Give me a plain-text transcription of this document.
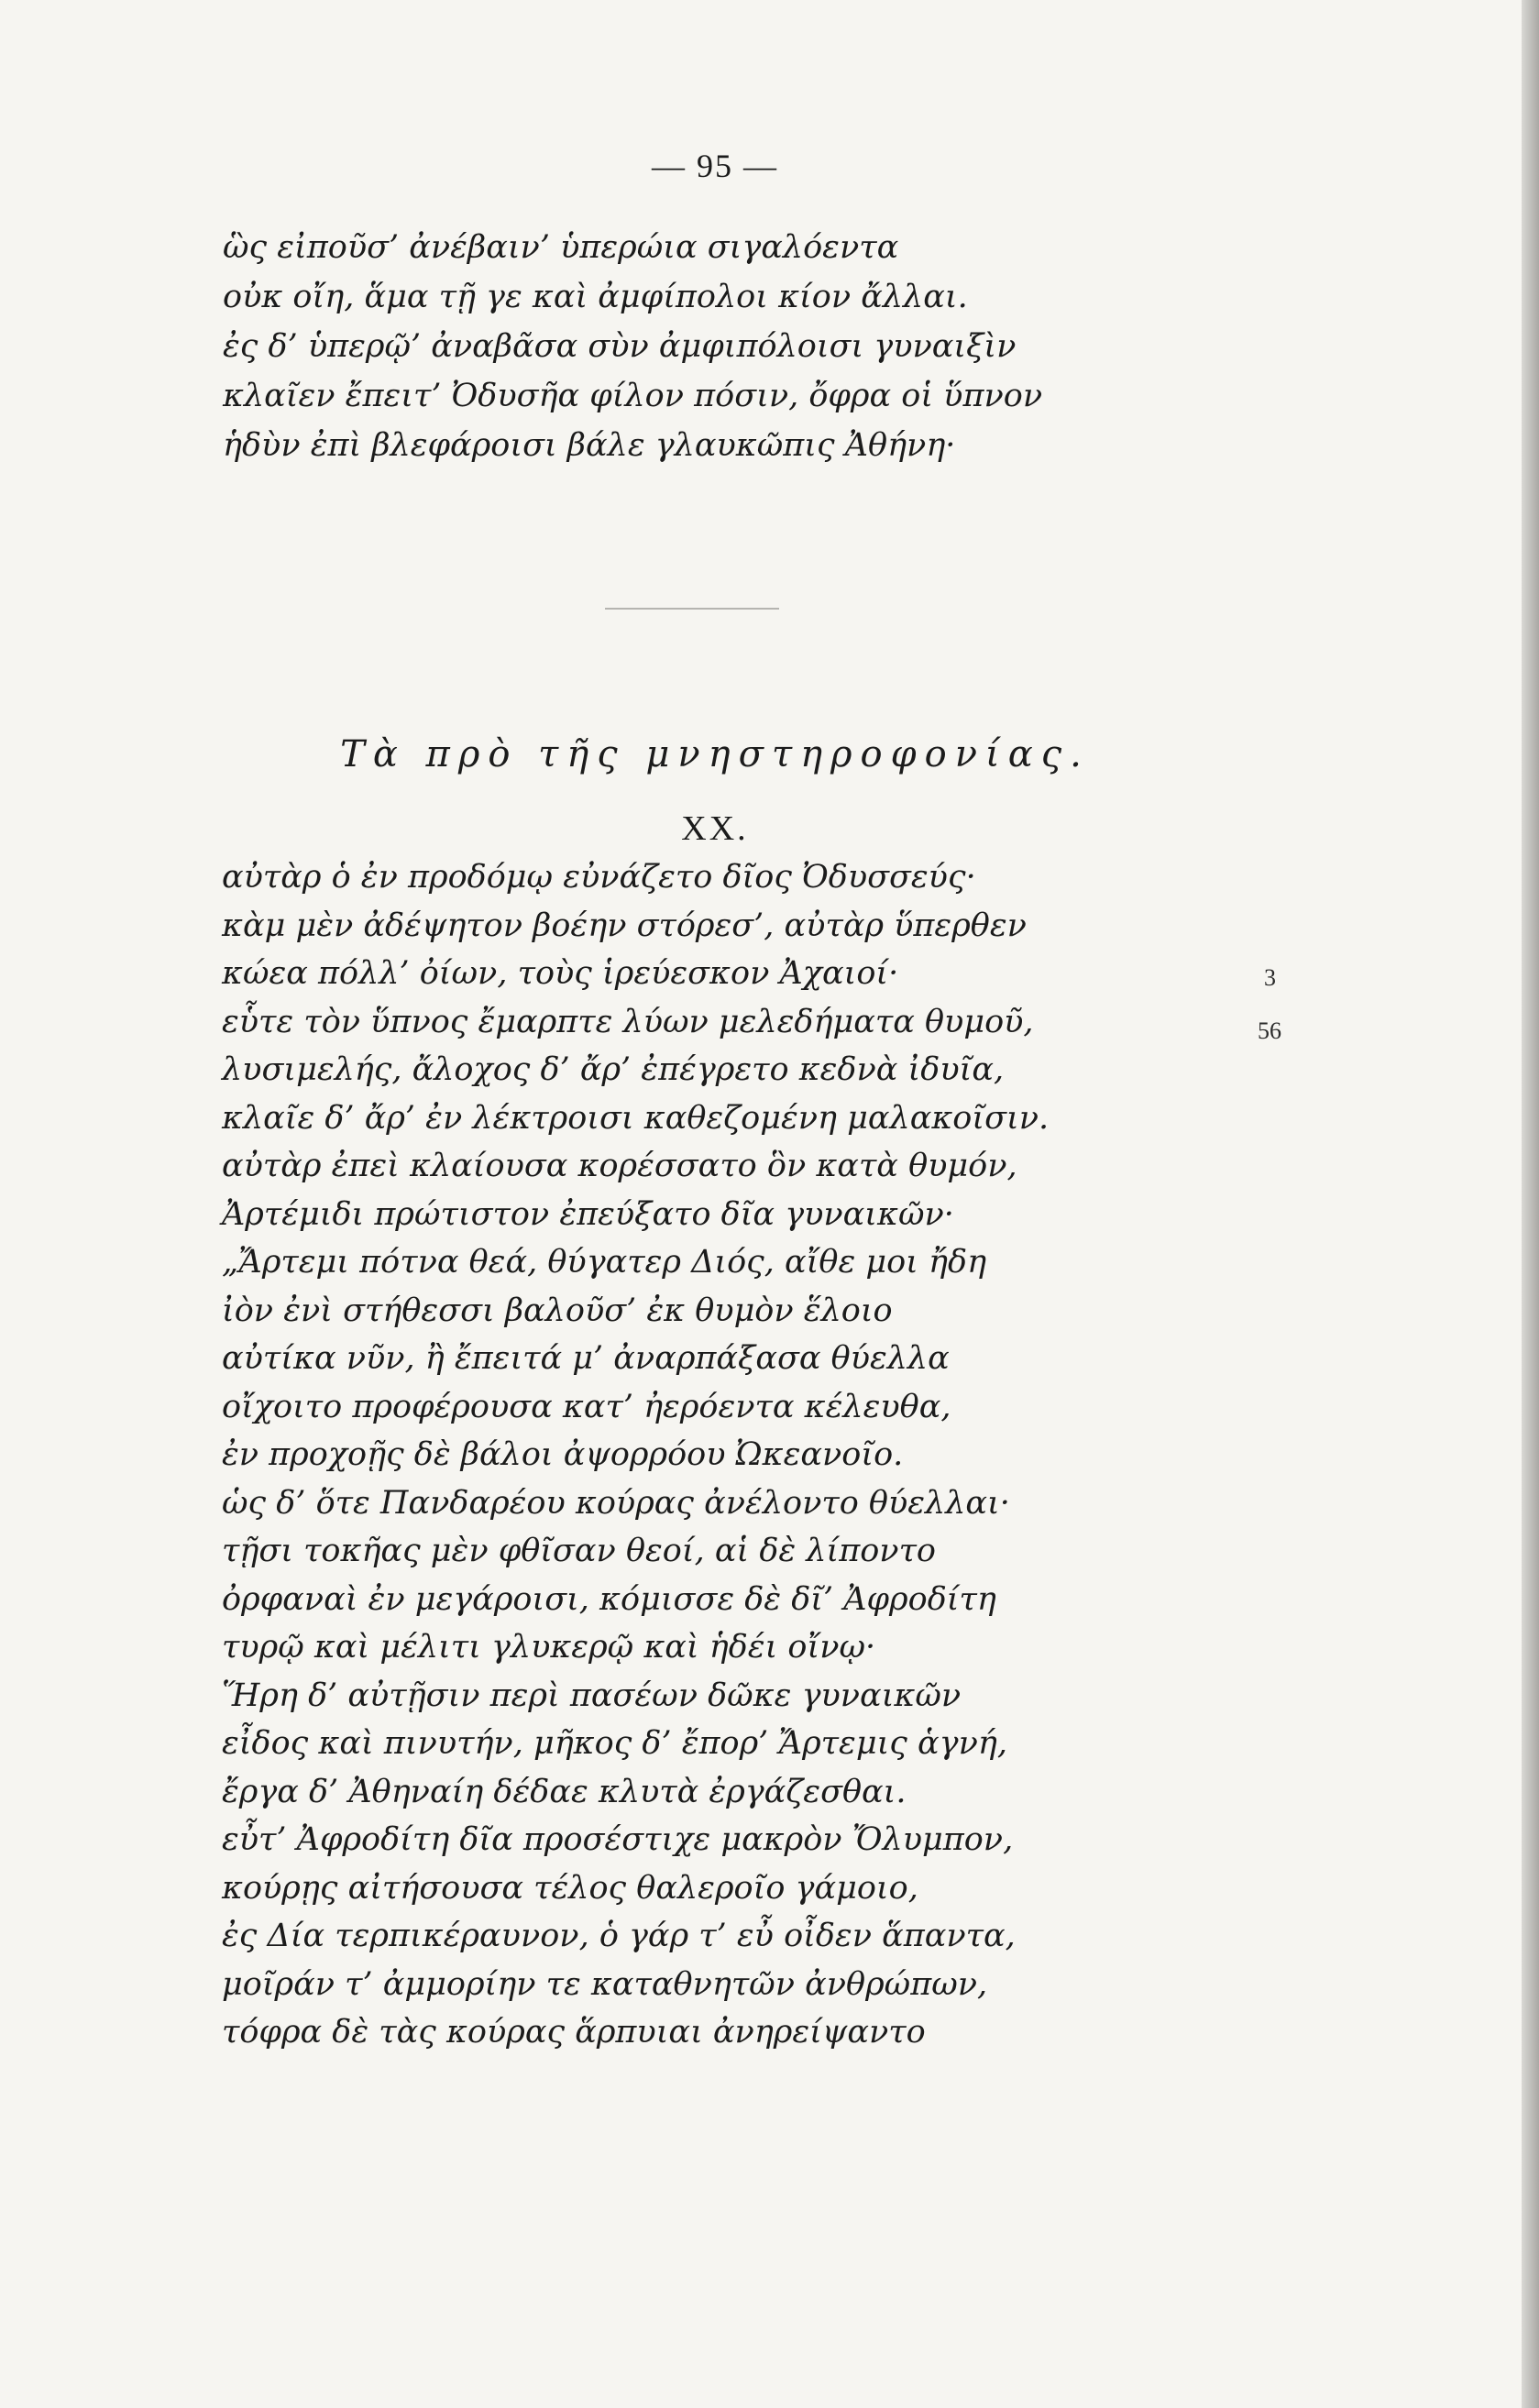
— 95 —
ὣς εἰποῦσ’ ἀνέβαιν’ ὑπερώια σιγαλόεντα
οὐκ οἴη, ἅμα τῇ γε καὶ ἀμφίπολοι κίον ἄλλαι.
ἐς δ’ ὑπερῷ’ ἀναβᾶσα σὺν ἀμφιπόλοισι γυναιξὶν
κλαῖεν ἔπειτ’ Ὀδυσῆα φίλον πόσιν, ὄφρα οἱ ὕπνον
ἡδὺν ἐπὶ βλεφάροισι βάλε γλαυκῶπις Ἀθήνη·
Τὰ πρὸ τῆς μνηστηροφονίας.
XX.
αὐτὰρ ὁ ἐν προδόμῳ εὐνάζετο δῖος Ὀδυσσεύς·
κὰμ μὲν ἀδέψητον βοέην στόρεσ’, αὐτὰρ ὕπερθεν
κώεα πόλλ’ ὀίων, τοὺς ἱρεύεσκον Ἀχαιοί·
εὗτε τὸν ὕπνος ἔμαρπτε λύων μελεδήματα θυμοῦ,
λυσιμελής, ἄλοχος δ’ ἄρ’ ἐπέγρετο κεδνὰ ἰδυῖα,
κλαῖε δ’ ἄρ’ ἐν λέκτροισι καθεζομένη μαλακοῖσιν.
αὐτὰρ ἐπεὶ κλαίουσα κορέσσατο ὃν κατὰ θυμόν,
Ἀρτέμιδι πρώτιστον ἐπεύξατο δῖα γυναικῶν·
„Ἄρτεμι πότνα θεά, θύγατερ Διός, αἴθε μοι ἤδη
ἰὸν ἐνὶ στήθεσσι βαλοῦσ’ ἐκ θυμὸν ἕλοιο
αὐτίκα νῦν, ἢ ἔπειτά μ’ ἀναρπάξασα θύελλα
οἴχοιτο προφέρουσα κατ’ ἠερόεντα κέλευθα,
ἐν προχοῇς δὲ βάλοι ἀψορρόου Ὠκεανοῖο.
ὡς δ’ ὅτε Πανδαρέου κούρας ἀνέλοντο θύελλαι·
τῇσι τοκῆας μὲν φθῖσαν θεοί, αἱ δὲ λίποντο
ὀρφαναὶ ἐν μεγάροισι, κόμισσε δὲ δῖ’ Ἀφροδίτη
τυρῷ καὶ μέλιτι γλυκερῷ καὶ ἡδέι οἴνῳ·
Ἥρη δ’ αὐτῇσιν περὶ πασέων δῶκε γυναικῶν
εἶδος καὶ πινυτήν, μῆκος δ’ ἔπορ’ Ἄρτεμις ἁγνή,
ἔργα δ’ Ἀθηναίη δέδαε κλυτὰ ἐργάζεσθαι.
εὖτ’ Ἀφροδίτη δῖα προσέστιχε μακρὸν Ὄλυμπον,
κούρῃς αἰτήσουσα τέλος θαλεροῖο γάμοιο,
ἐς Δία τερπικέραυνον, ὁ γάρ τ’ εὖ οἶδεν ἅπαντα,
μοῖράν τ’ ἀμμορίην τε καταθνητῶν ἀνθρώπων,
τόφρα δὲ τὰς κούρας ἅρπυιαι ἀνηρείψαντο
3
56
